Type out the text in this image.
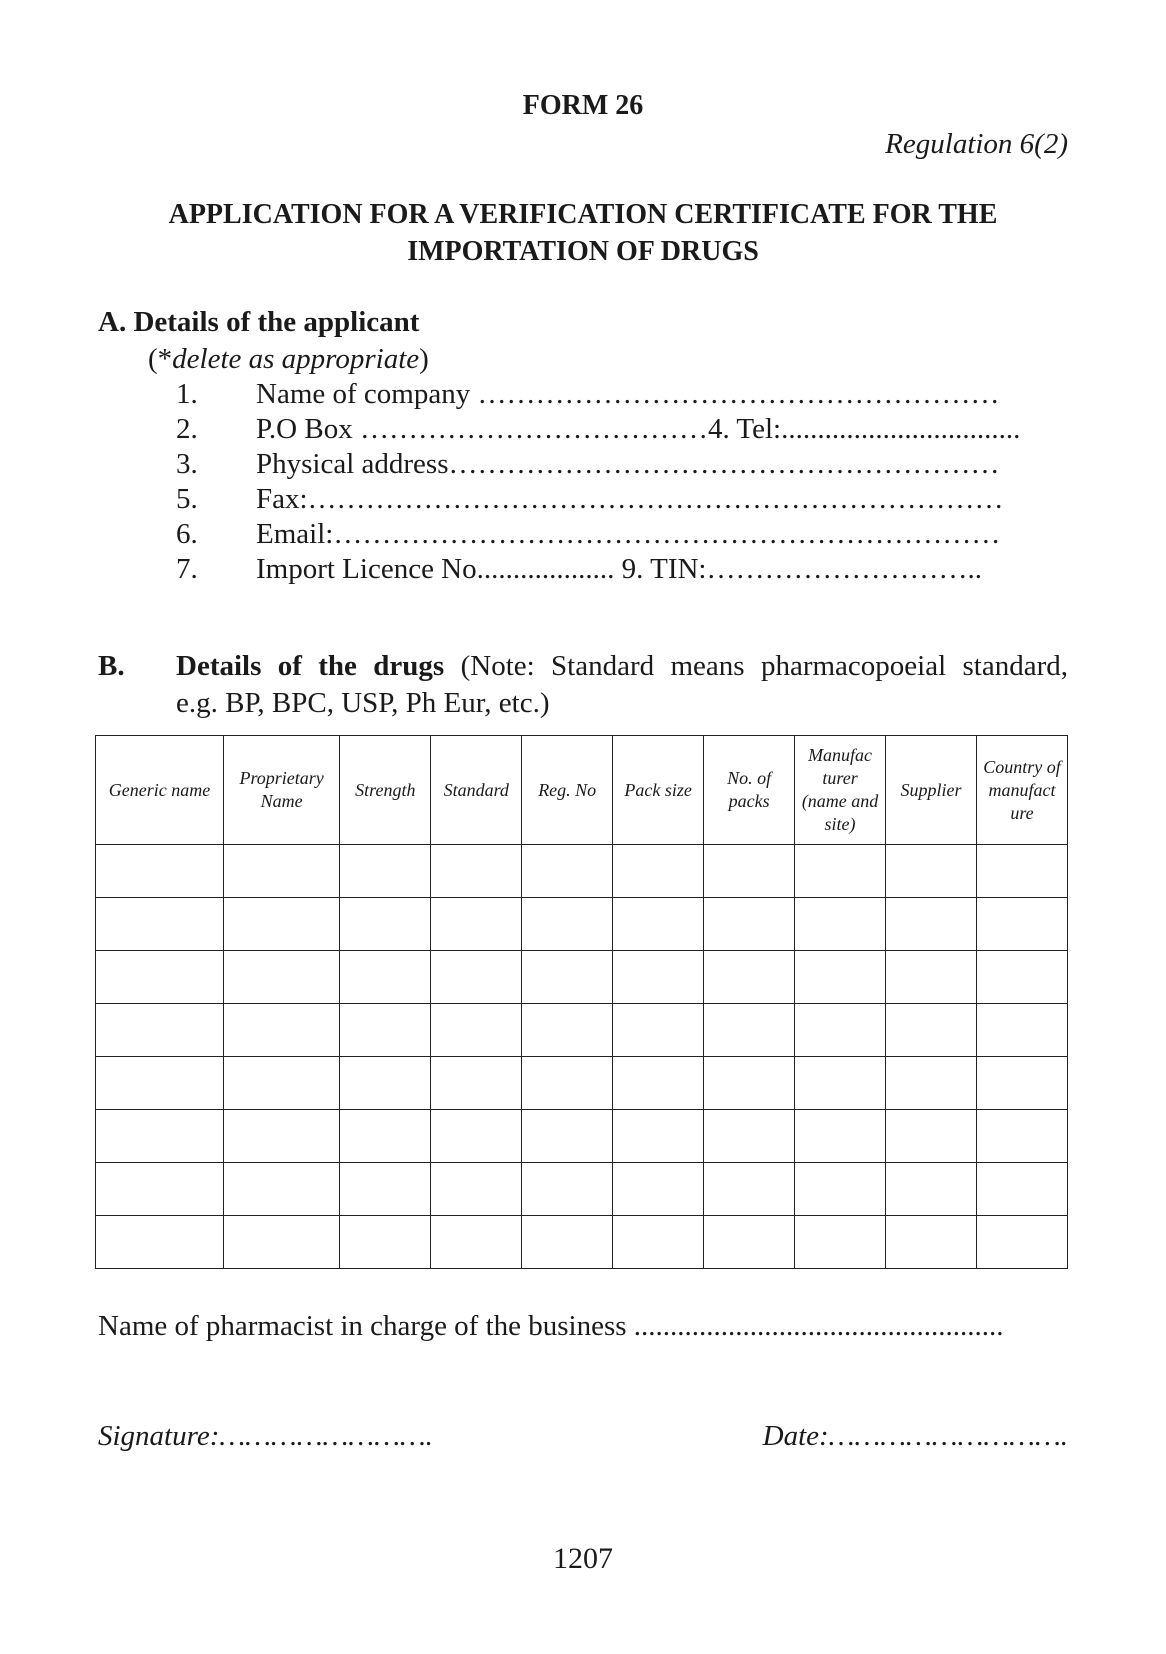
FORM 26
Regulation 6(2)
APPLICATION FOR A VERIFICATION CERTIFICATE FOR THE
IMPORTATION OF DRUGS
A. Details of the applicant
(*delete as appropriate)
1. Name of company ………………………………………………
2. P.O Box ………………………………4. Tel:.................................
3. Physical address…………………………………………………
5. Fax:………………………………………………………………
6. Email:……………………………………………………………
7. Import Licence No................... 9. TIN:………………………..
B. Details of the drugs (Note: Standard means pharmacopoeial standard,
e.g. BP, BPC, USP, Ph Eur, etc.)
Generic name	Proprietary Name	Strength	Standard	Reg. No	Pack size	No. of packs	Manufac turer (name and site)	Supplier	Country of manufact ure

Name of pharmacist in charge of the business ...................................................
Signature:…………………….	Date:……………………….
1207
